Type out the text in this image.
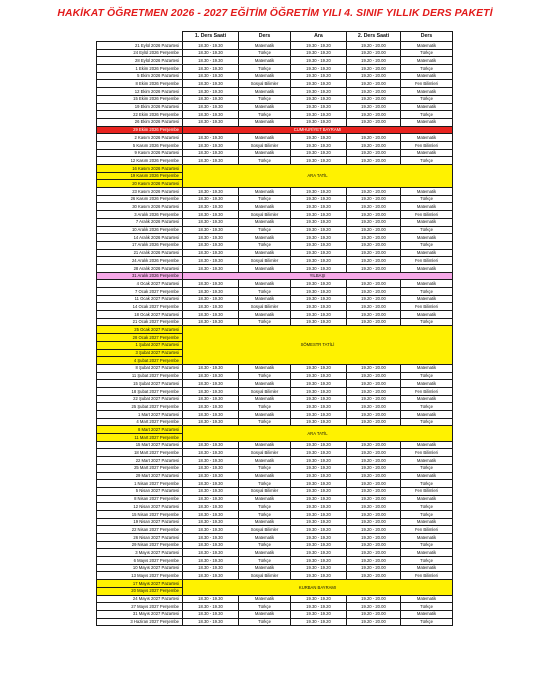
HAKİKAT ÖĞRETMEN 2026 - 2027 EĞİTİM ÖĞRETİM YILI 4. SINIF YILLIK DERS PAKETİ
	1. Ders Saati	Ders	Ara	2. Ders Saati	Ders
21 Eylül 2026 Pazartesi	18.30 - 19.30	Matematik	19.30 - 19.20	19.20 - 20.00	Matematik
24 Eylül 2026 Perşembe	18.30 - 19.30	Türkçe	19.30 - 19.20	19.20 - 20.00	Türkçe
28 Eylül 2026 Pazartesi	18.30 - 19.30	Matematik	19.30 - 19.20	19.20 - 20.00	Matematik
1 Ekim 2026 Perşembe	18.30 - 19.30	Türkçe	19.30 - 19.20	19.20 - 20.00	Türkçe
5 Ekim 2026 Pazartesi	18.30 - 19.30	Matematik	19.30 - 19.20	19.20 - 20.00	Matematik
8 Ekim 2026 Perşembe	18.30 - 19.30	Sosyal Bilimler	19.30 - 19.20	19.20 - 20.00	Fen Bilimleri
12 Ekim 2026 Pazartesi	18.30 - 19.30	Matematik	19.30 - 19.20	19.20 - 20.00	Matematik
15 Ekim 2026 Perşembe	18.30 - 19.30	Türkçe	19.30 - 19.20	19.20 - 20.00	Türkçe
19 Ekim 2026 Pazartesi	18.30 - 19.30	Matematik	19.30 - 19.20	19.20 - 20.00	Matematik
22 Ekim 2026 Perşembe	18.30 - 19.30	Türkçe	19.30 - 19.20	19.20 - 20.00	Türkçe
26 Ekim 2026 Pazartesi	18.30 - 19.30	Matematik	19.30 - 19.20	19.20 - 20.00	Matematik
29 Ekim 2026 Perşembe	CUMHURİYET BAYRAMI				
2 Kasım 2026 Pazartesi	18.30 - 19.30	Matematik	19.30 - 19.20	19.20 - 20.00	Matematik
5 Kasım 2026 Perşembe	18.30 - 19.30	Sosyal Bilimler	19.30 - 19.20	19.20 - 20.00	Fen Bilimleri
9 Kasım 2026 Pazartesi	18.30 - 19.30	Matematik	19.30 - 19.20	19.20 - 20.00	Matematik
12 Kasım 2026 Perşembe	18.30 - 19.30	Türkçe	19.30 - 19.20	19.20 - 20.00	Türkçe
16 Kasım 2026 Pazartesi	ARA TATİL				
19 Kasım 2026 Perşembe					
20 Kasım 2026 Pazartesi					
23 Kasım 2026 Pazartesi	18.30 - 19.30	Matematik	19.30 - 19.20	19.20 - 20.00	Matematik
26 Kasım 2026 Perşembe	18.30 - 19.30	Türkçe	19.30 - 19.20	19.20 - 20.00	Türkçe
30 Kasım 2026 Pazartesi	18.30 - 19.30	Matematik	19.30 - 19.20	19.20 - 20.00	Matematik
3 Aralık 2026 Perşembe	18.30 - 19.30	Sosyal Bilimler	19.30 - 19.20	19.20 - 20.00	Fen Bilimleri
7 Aralık 2026 Pazartesi	18.30 - 19.30	Matematik	19.30 - 19.20	19.20 - 20.00	Matematik
10 Aralık 2026 Perşembe	18.30 - 19.30	Türkçe	19.30 - 19.20	19.20 - 20.00	Türkçe
14 Aralık 2026 Pazartesi	18.30 - 19.30	Matematik	19.30 - 19.20	19.20 - 20.00	Matematik
17 Aralık 2026 Perşembe	18.30 - 19.30	Türkçe	19.30 - 19.20	19.20 - 20.00	Türkçe
21 Aralık 2026 Pazartesi	18.30 - 19.30	Matematik	19.30 - 19.20	19.20 - 20.00	Matematik
24 Aralık 2026 Perşembe	18.30 - 19.30	Sosyal Bilimler	19.30 - 19.20	19.20 - 20.00	Fen Bilimleri
28 Aralık 2026 Pazartesi	18.30 - 19.30	Matematik	19.30 - 19.20	19.20 - 20.00	Matematik
31 Aralık 2026 Perşembe	YILBAŞI				
4 Ocak 2027 Pazartesi	18.30 - 19.30	Matematik	19.30 - 19.20	19.20 - 20.00	Matematik
7 Ocak 2027 Perşembe	18.30 - 19.30	Türkçe	19.30 - 19.20	19.20 - 20.00	Türkçe
11 Ocak 2027 Pazartesi	18.30 - 19.30	Matematik	19.30 - 19.20	19.20 - 20.00	Matematik
14 Ocak 2027 Perşembe	18.30 - 19.30	Sosyal Bilimler	19.30 - 19.20	19.20 - 20.00	Fen Bilimleri
18 Ocak 2027 Pazartesi	18.30 - 19.30	Matematik	19.30 - 19.20	19.20 - 20.00	Matematik
21 Ocak 2027 Perşembe	18.30 - 19.30	Türkçe	19.30 - 19.20	19.20 - 20.00	Türkçe
25 Ocak 2027 Pazartesi	SÖMESTR TATİLİ				
28 Ocak 2027 Perşembe					
1 Şubat 2027 Pazartesi					
3 Şubat 2027 Pazartesi					
4 Şubat 2027 Perşembe					
8 Şubat 2027 Pazartesi	18.30 - 19.30	Matematik	19.30 - 19.20	19.20 - 20.00	Matematik
11 Şubat 2027 Perşembe	18.30 - 19.30	Türkçe	19.30 - 19.20	19.20 - 20.00	Türkçe
15 Şubat 2027 Pazartesi	18.30 - 19.30	Matematik	19.30 - 19.20	19.20 - 20.00	Matematik
18 Şubat 2027 Perşembe	18.30 - 19.30	Sosyal Bilimler	19.30 - 19.20	19.20 - 20.00	Fen Bilimleri
22 Şubat 2027 Pazartesi	18.30 - 19.30	Matematik	19.30 - 19.20	19.20 - 20.00	Matematik
25 Şubat 2027 Perşembe	18.30 - 19.30	Türkçe	19.30 - 19.20	19.20 - 20.00	Türkçe
1 Mart 2027 Pazartesi	18.30 - 19.30	Matematik	19.30 - 19.20	19.20 - 20.00	Matematik
4 Mart 2027 Perşembe	18.30 - 19.30	Türkçe	19.30 - 19.20	19.20 - 20.00	Türkçe
8 Mart 2027 Pazartesi	ARA TATİL				
11 Mart 2027 Perşembe					
15 Mart 2027 Pazartesi	18.30 - 19.30	Matematik	19.30 - 19.20	19.20 - 20.00	Matematik
18 Mart 2027 Perşembe	18.30 - 19.30	Sosyal Bilimler	19.30 - 19.20	19.20 - 20.00	Fen Bilimleri
22 Mart 2027 Pazartesi	18.30 - 19.30	Matematik	19.30 - 19.20	19.20 - 20.00	Matematik
25 Mart 2027 Perşembe	18.30 - 19.30	Türkçe	19.30 - 19.20	19.20 - 20.00	Türkçe
29 Mart 2027 Pazartesi	18.30 - 19.30	Matematik	19.30 - 19.20	19.20 - 20.00	Matematik
1 Nisan 2027 Perşembe	18.30 - 19.30	Türkçe	19.30 - 19.20	19.20 - 20.00	Türkçe
5 Nisan 2027 Pazartesi	18.30 - 19.30	Sosyal Bilimler	19.30 - 19.20	19.20 - 20.00	Fen Bilimleri
8 Nisan 2027 Perşembe	18.30 - 19.30	Matematik	19.30 - 19.20	19.20 - 20.00	Matematik
12 Nisan 2027 Pazartesi	18.30 - 19.30	Türkçe	19.30 - 19.20	19.20 - 20.00	Türkçe
15 Nisan 2027 Perşembe	18.30 - 19.30	Türkçe	19.30 - 19.20	19.20 - 20.00	Türkçe
19 Nisan 2027 Pazartesi	18.30 - 19.30	Matematik	19.30 - 19.20	19.20 - 20.00	Matematik
22 Nisan 2027 Perşembe	18.30 - 19.30	Sosyal Bilimler	19.30 - 19.20	19.20 - 20.00	Fen Bilimleri
26 Nisan 2027 Pazartesi	18.30 - 19.30	Matematik	19.30 - 19.20	19.20 - 20.00	Matematik
29 Nisan 2027 Perşembe	18.30 - 19.30	Türkçe	19.30 - 19.20	19.20 - 20.00	Türkçe
3 Mayıs 2027 Pazartesi	18.30 - 19.30	Matematik	19.30 - 19.20	19.20 - 20.00	Matematik
6 Mayıs 2027 Perşembe	18.30 - 19.30	Türkçe	19.30 - 19.20	19.20 - 20.00	Türkçe
10 Mayıs 2027 Pazartesi	18.30 - 19.30	Matematik	19.30 - 19.20	19.20 - 20.00	Matematik
13 Mayıs 2027 Perşembe	18.30 - 19.30	Sosyal Bilimler	19.30 - 19.20	19.20 - 20.00	Fen Bilimleri
17 Mayıs 2027 Pazartesi	KURBAN BAYRAMI				
20 Mayıs 2027 Perşembe					
24 Mayıs 2027 Pazartesi	18.30 - 19.30	Matematik	19.30 - 19.20	19.20 - 20.00	Matematik
27 Mayıs 2027 Perşembe	18.30 - 19.30	Türkçe	19.30 - 19.20	19.20 - 20.00	Türkçe
31 Mayıs 2027 Pazartesi	18.30 - 19.30	Matematik	19.30 - 19.20	19.20 - 20.00	Matematik
3 Haziran 2027 Perşembe	18.30 - 19.30	Türkçe	19.30 - 19.20	19.20 - 20.00	Türkçe
